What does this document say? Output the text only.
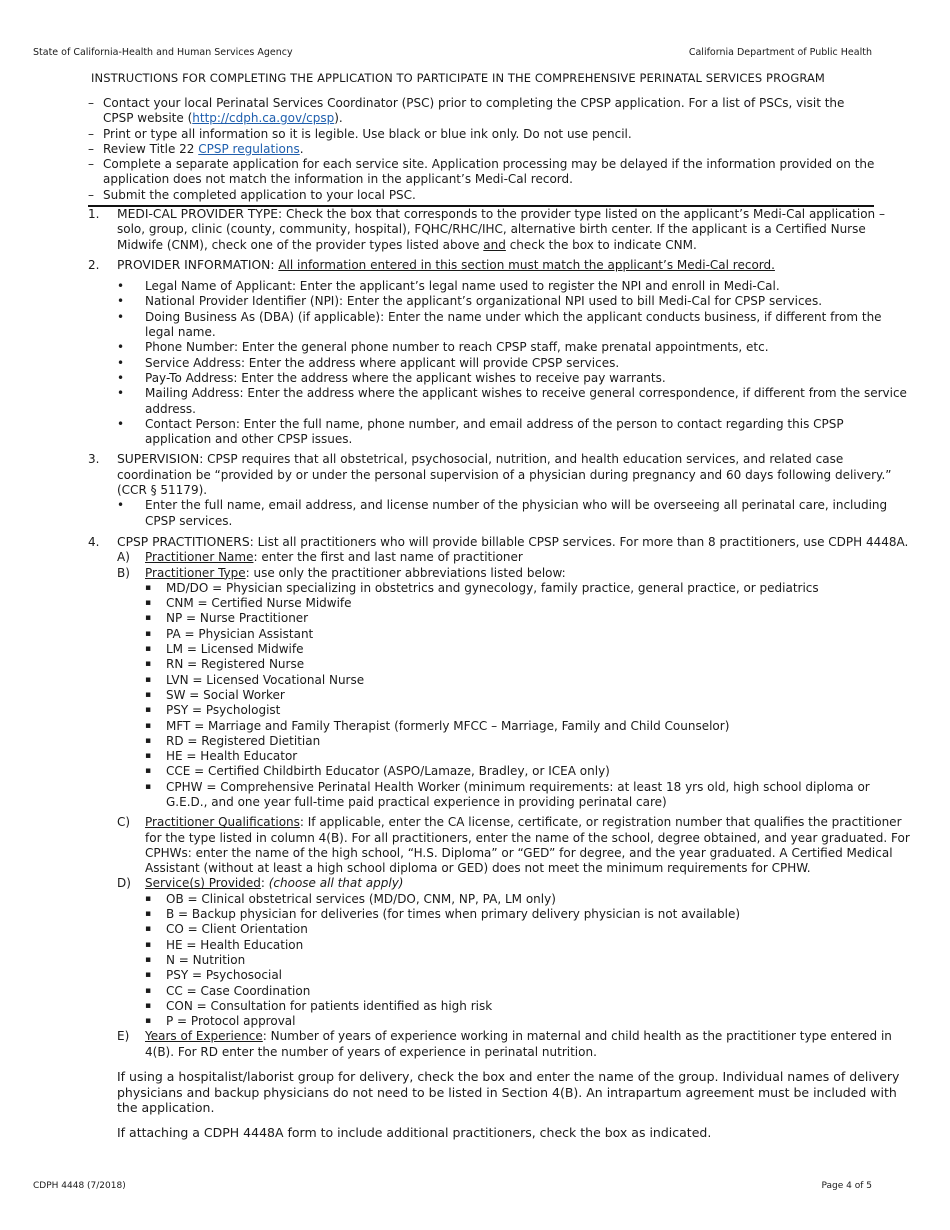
State of California-Health and Human Services Agency	California Department of Public Health
INSTRUCTIONS FOR COMPLETING THE APPLICATION TO PARTICIPATE IN THE COMPREHENSIVE PERINATAL SERVICES PROGRAM
– Contact your local Perinatal Services Coordinator (PSC) prior to completing the CPSP application. For a list of PSCs, visit the CPSP website (http://cdph.ca.gov/cpsp).
– Print or type all information so it is legible. Use black or blue ink only. Do not use pencil.
– Review Title 22 CPSP regulations.
– Complete a separate application for each service site. Application processing may be delayed if the information provided on the application does not match the information in the applicant’s Medi-Cal record.
– Submit the completed application to your local PSC.
1.	MEDI-CAL PROVIDER TYPE: Check the box that corresponds to the provider type listed on the applicant’s Medi-Cal application – solo, group, clinic (county, community, hospital), FQHC/RHC/IHC, alternative birth center. If the applicant is a Certified Nurse Midwife (CNM), check one of the provider types listed above and check the box to indicate CNM.
2.	PROVIDER INFORMATION: All information entered in this section must match the applicant’s Medi-Cal record.
•	Legal Name of Applicant: Enter the applicant’s legal name used to register the NPI and enroll in Medi-Cal.
•	National Provider Identifier (NPI): Enter the applicant’s organizational NPI used to bill Medi-Cal for CPSP services.
•	Doing Business As (DBA) (if applicable): Enter the name under which the applicant conducts business, if different from the legal name.
•	Phone Number: Enter the general phone number to reach CPSP staff, make prenatal appointments, etc.
•	Service Address: Enter the address where applicant will provide CPSP services.
•	Pay-To Address: Enter the address where the applicant wishes to receive pay warrants.
•	Mailing Address: Enter the address where the applicant wishes to receive general correspondence, if different from the service address.
•	Contact Person: Enter the full name, phone number, and email address of the person to contact regarding this CPSP application and other CPSP issues.
3.	SUPERVISION: CPSP requires that all obstetrical, psychosocial, nutrition, and health education services, and related case coordination be “provided by or under the personal supervision of a physician during pregnancy and 60 days following delivery.” (CCR § 51179).
•	Enter the full name, email address, and license number of the physician who will be overseeing all perinatal care, including CPSP services.
4.	CPSP PRACTITIONERS: List all practitioners who will provide billable CPSP services. For more than 8 practitioners, use CDPH 4448A.
A)	Practitioner Name: enter the first and last name of practitioner
B)	Practitioner Type: use only the practitioner abbreviations listed below:
▪	MD/DO = Physician specializing in obstetrics and gynecology, family practice, general practice, or pediatrics
▪	CNM = Certified Nurse Midwife
▪	NP = Nurse Practitioner
▪	PA = Physician Assistant
▪	LM = Licensed Midwife
▪	RN = Registered Nurse
▪	LVN = Licensed Vocational Nurse
▪	SW = Social Worker
▪	PSY = Psychologist
▪	MFT = Marriage and Family Therapist (formerly MFCC – Marriage, Family and Child Counselor)
▪	RD = Registered Dietitian
▪	HE = Health Educator
▪	CCE = Certified Childbirth Educator (ASPO/Lamaze, Bradley, or ICEA only)
▪	CPHW = Comprehensive Perinatal Health Worker (minimum requirements: at least 18 yrs old, high school diploma or G.E.D., and one year full-time paid practical experience in providing perinatal care)
C)	Practitioner Qualifications: If applicable, enter the CA license, certificate, or registration number that qualifies the practitioner for the type listed in column 4(B). For all practitioners, enter the name of the school, degree obtained, and year graduated. For CPHWs: enter the name of the high school, “H.S. Diploma” or “GED” for degree, and the year graduated. A Certified Medical Assistant (without at least a high school diploma or GED) does not meet the minimum requirements for CPHW.
D)	Service(s) Provided: (choose all that apply)
▪	OB = Clinical obstetrical services (MD/DO, CNM, NP, PA, LM only)
▪	B = Backup physician for deliveries (for times when primary delivery physician is not available)
▪	CO = Client Orientation
▪	HE = Health Education
▪	N = Nutrition
▪	PSY = Psychosocial
▪	CC = Case Coordination
▪	CON = Consultation for patients identified as high risk
▪	P = Protocol approval
E)	Years of Experience: Number of years of experience working in maternal and child health as the practitioner type entered in 4(B). For RD enter the number of years of experience in perinatal nutrition.
If using a hospitalist/laborist group for delivery, check the box and enter the name of the group. Individual names of delivery physicians and backup physicians do not need to be listed in Section 4(B). An intrapartum agreement must be included with the application.
If attaching a CDPH 4448A form to include additional practitioners, check the box as indicated.
CDPH 4448 (7/2018)	Page 4 of 5
